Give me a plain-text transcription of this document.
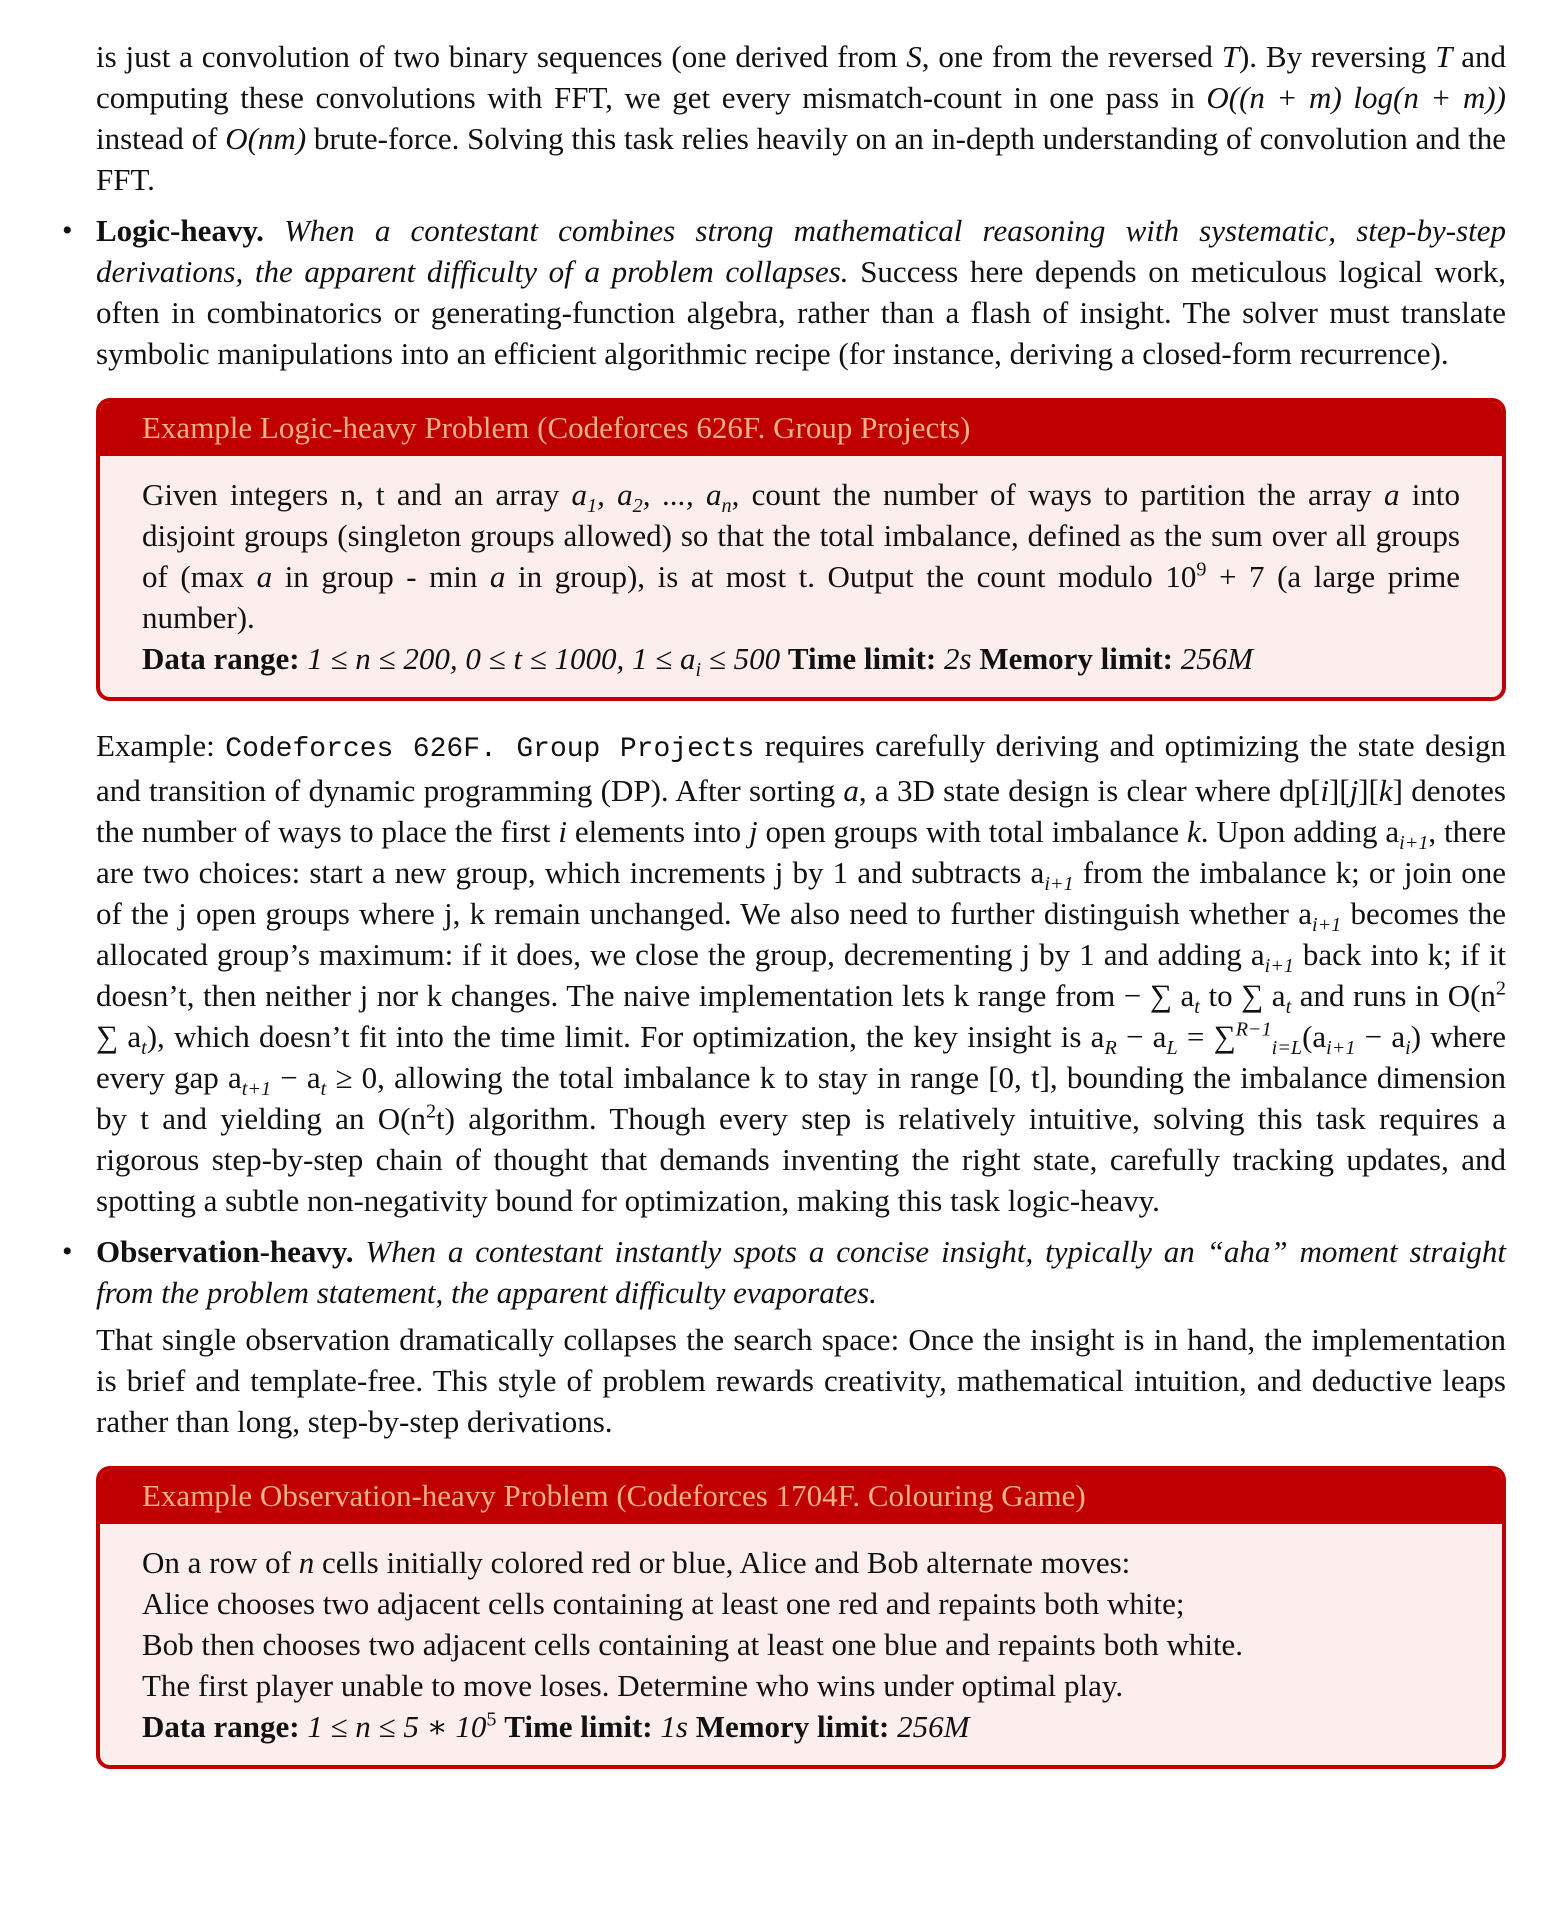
is just a convolution of two binary sequences (one derived from S, one from the reversed T). By reversing T and computing these convolutions with FFT, we get every mismatch-count in one pass in O((n + m) log(n + m)) instead of O(nm) brute-force. Solving this task relies heavily on an in-depth understanding of convolution and the FFT.

• Logic-heavy. When a contestant combines strong mathematical reasoning with systematic, step-by-step derivations, the apparent difficulty of a problem collapses. Success here depends on meticulous logical work, often in combinatorics or generating-function algebra, rather than a flash of insight. The solver must translate symbolic manipulations into an efficient algorithmic recipe (for instance, deriving a closed-form recurrence).

Example Logic-heavy Problem (Codeforces 626F. Group Projects)

Given integers n, t and an array $a_1$, $a_2$, ..., $a_n$, count the number of ways to partition the array a into disjoint groups (singleton groups allowed) so that the total imbalance, defined as the sum over all groups of (max a in group - min a in group), is at most t. Output the count modulo $10^9 + 7$ (a large prime number).

Data range: 1 ≤ n ≤ 200, 0 ≤ t ≤ 1000, $1 \le a_i \le 500$ Time limit: 2s Memory limit: 256M

Example: Codeforces 626F. Group Projects requires carefully deriving and optimizing the state design and transition of dynamic programming (DP). After sorting a, a 3D state design is clear where dp[i][j][k] denotes the number of ways to place the first i elements into j open groups with total imbalance k. Upon adding $a_{i+1}$, there are two choices: start a new group, which increments j by 1 and subtracts $a_{i+1}$ from the imbalance k; or join one of the j open groups where j, k remain unchanged. We also need to further distinguish whether $a_{i+1}$ becomes the allocated group’s maximum: if it does, we close the group, decrementing j by 1 and adding $a_{i+1}$ back into k; if it doesn’t, then neither j nor k changes. The naive implementation lets k range from − ∑ $a_t$ to ∑ $a_t$ and runs in $O(n^2$ ∑ $a_t$), which doesn’t fit into the time limit. For optimization, the key insight is $a_R - a_L = \sum^{R-1}_{i=L}(a_{i+1} - a_i)$ where every gap $a_{t+1} - a_t \ge 0$, allowing the total imbalance k to stay in range [0, t], bounding the imbalance dimension by t and yielding an $O(n^2t)$ algorithm. Though every step is relatively intuitive, solving this task requires a rigorous step-by-step chain of thought that demands inventing the right state, carefully tracking updates, and spotting a subtle non-negativity bound for optimization, making this task logic-heavy.

• Observation-heavy. When a contestant instantly spots a concise insight, typically an “aha” moment straight from the problem statement, the apparent difficulty evaporates.

That single observation dramatically collapses the search space: Once the insight is in hand, the implementation is brief and template-free. This style of problem rewards creativity, mathematical intuition, and deductive leaps rather than long, step-by-step derivations.

Example Observation-heavy Problem (Codeforces 1704F. Colouring Game)

On a row of n cells initially colored red or blue, Alice and Bob alternate moves:

Alice chooses two adjacent cells containing at least one red and repaints both white;

Bob then chooses two adjacent cells containing at least one blue and repaints both white.

The first player unable to move loses. Determine who wins under optimal play.

Data range: 1 ≤ n ≤ 5 ∗ $10^5$ Time limit: 1s Memory limit: 256M
